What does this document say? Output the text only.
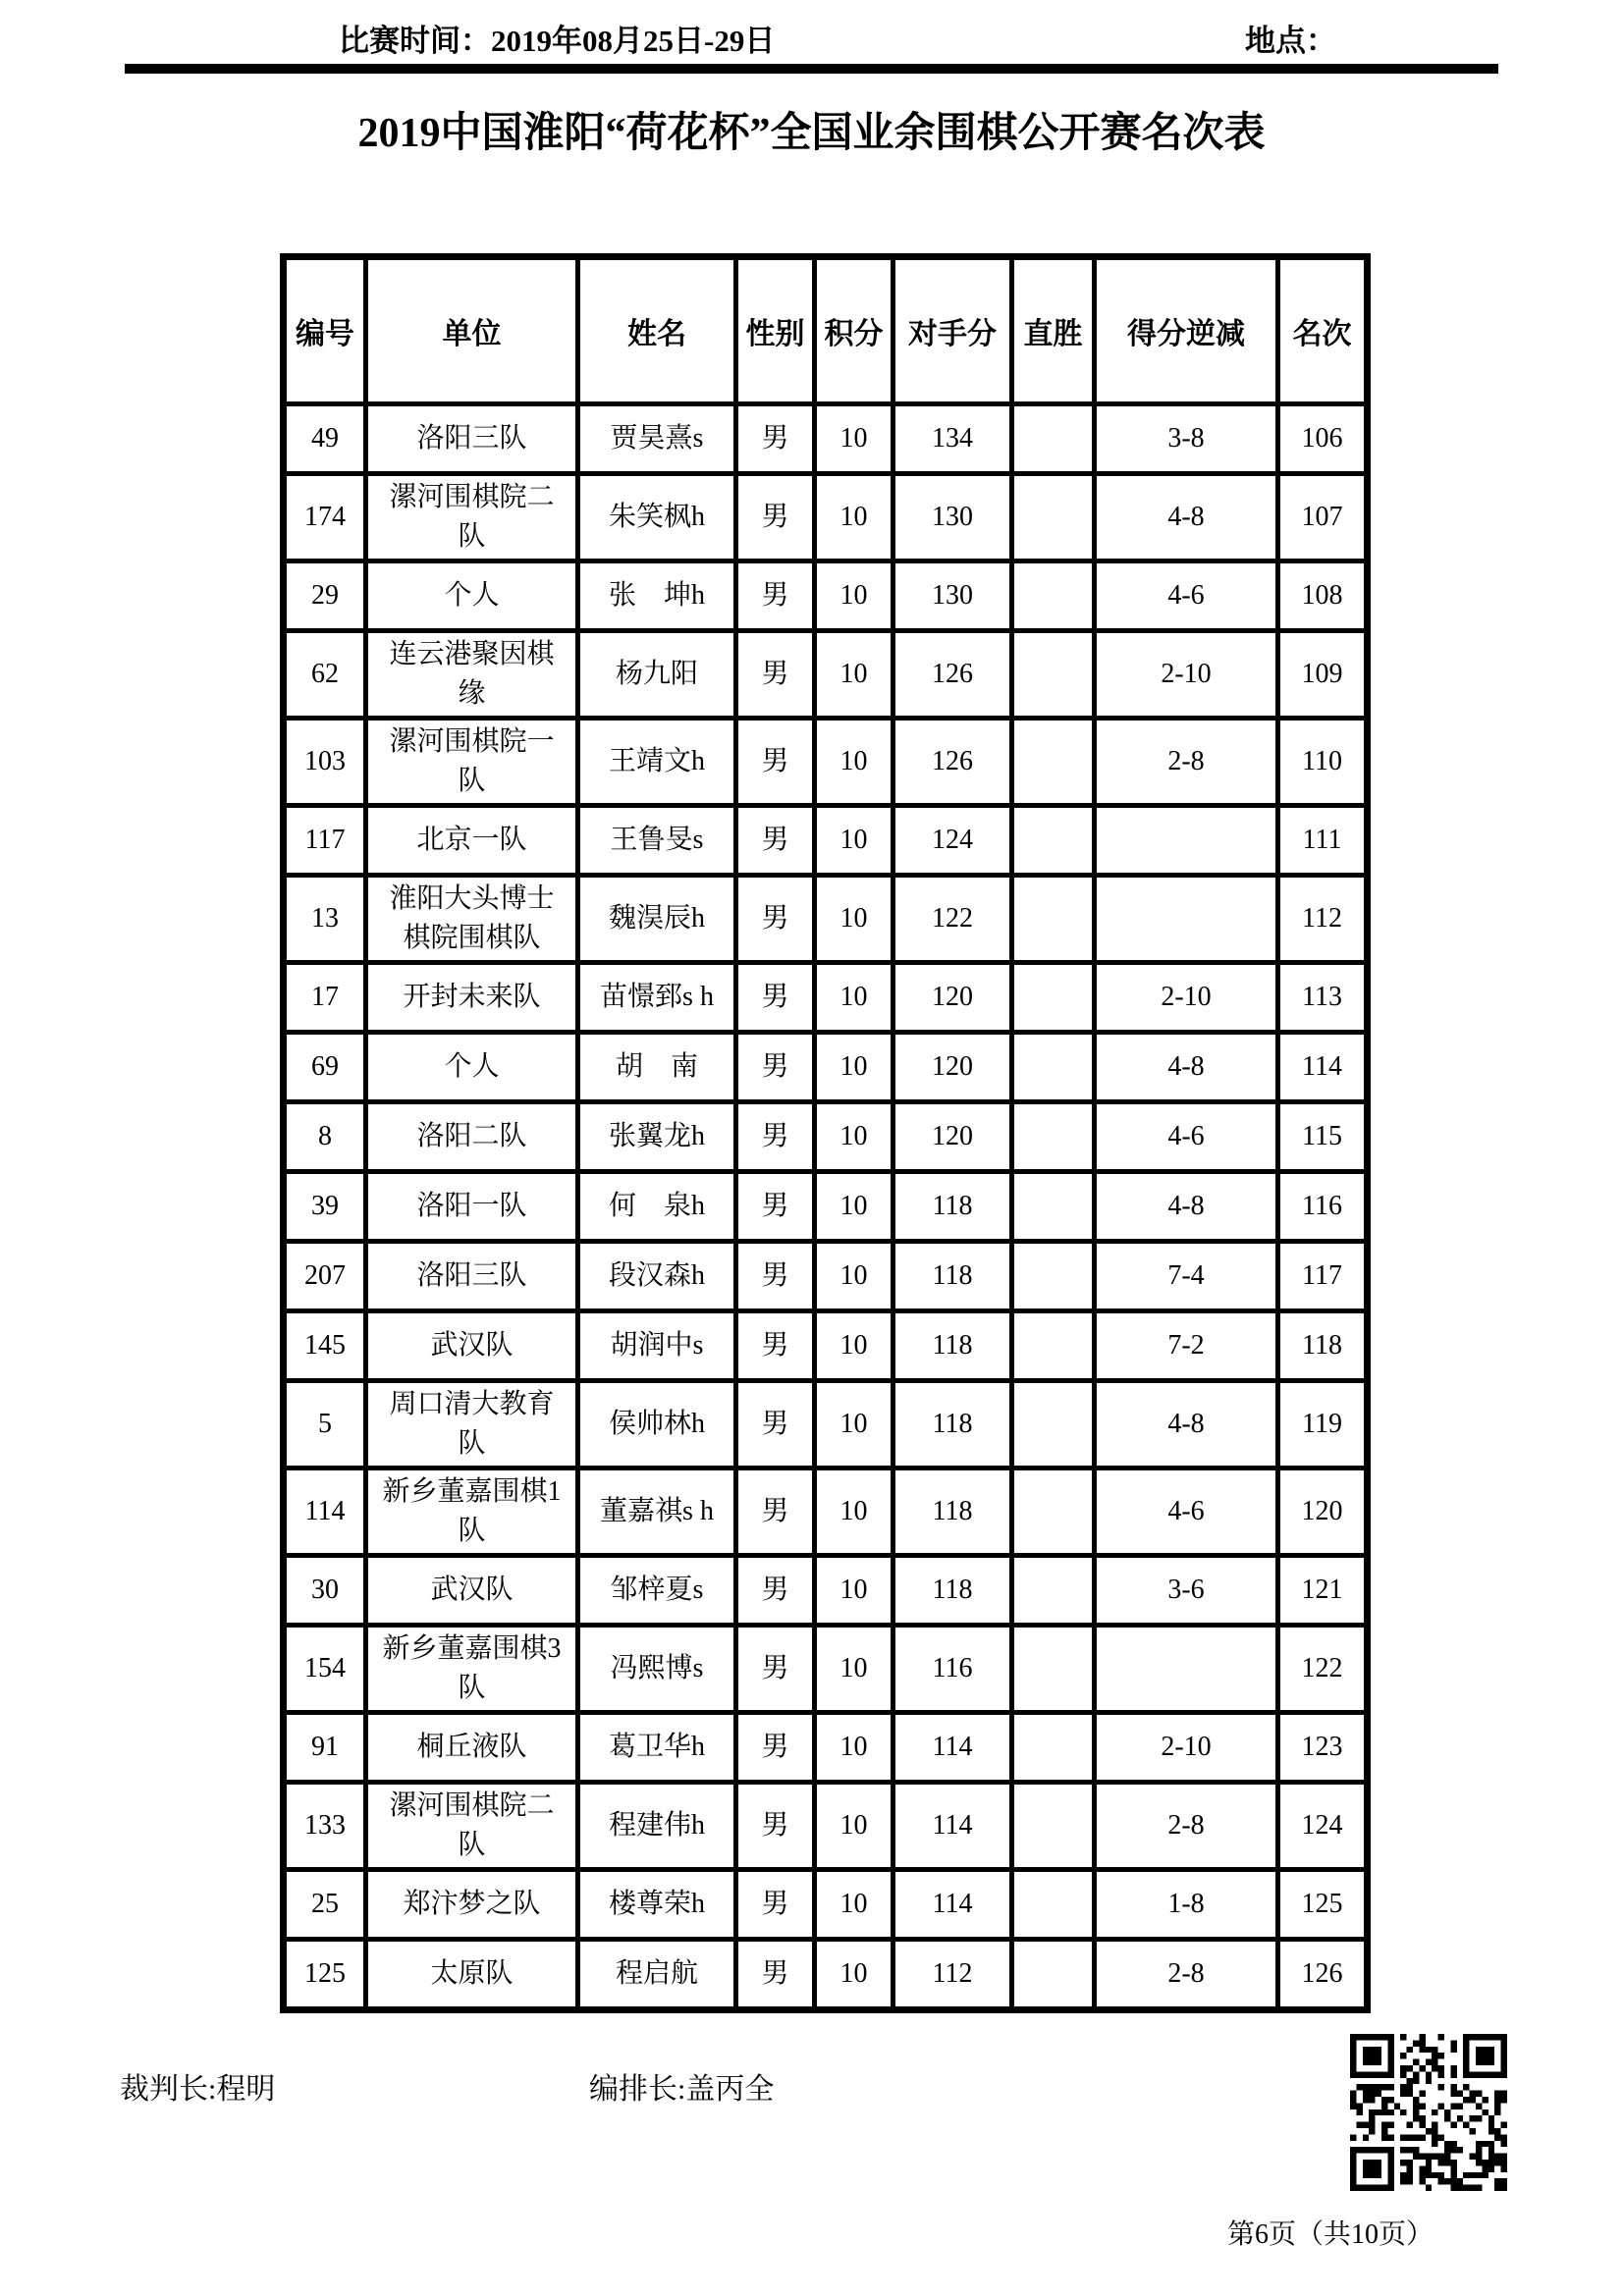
比赛时间：2019年08月25日-29日	地点：
2019中国淮阳“荷花杯”全国业余围棋公开赛名次表
编号	单位	姓名	性别	积分	对手分	直胜	得分逆减	名次
49	洛阳三队	贾昊熹s	男	10	134		3-8	106
174	漯河围棋院二队	朱笑枫h	男	10	130		4-8	107
29	个人	张　坤h	男	10	130		4-6	108
62	连云港聚因棋缘	杨九阳	男	10	126		2-10	109
103	漯河围棋院一队	王靖文h	男	10	126		2-8	110
117	北京一队	王鲁旻s	男	10	124			111
13	淮阳大头博士棋院围棋队	魏淏辰h	男	10	122			112
17	开封未来队	苗憬郅s h	男	10	120		2-10	113
69	个人	胡　南	男	10	120		4-8	114
8	洛阳二队	张翼龙h	男	10	120		4-6	115
39	洛阳一队	何　泉h	男	10	118		4-8	116
207	洛阳三队	段汉森h	男	10	118		7-4	117
145	武汉队	胡润中s	男	10	118		7-2	118
5	周口清大教育队	侯帅林h	男	10	118		4-8	119
114	新乡董嘉围棋1队	董嘉祺s h	男	10	118		4-6	120
30	武汉队	邹梓夏s	男	10	118		3-6	121
154	新乡董嘉围棋3队	冯熙博s	男	10	116			122
91	桐丘液队	葛卫华h	男	10	114		2-10	123
133	漯河围棋院二队	程建伟h	男	10	114		2-8	124
25	郑汴梦之队	楼尊荣h	男	10	114		1-8	125
125	太原队	程启航	男	10	112		2-8	126
裁判长:程明	编排长:盖丙全
第6页（共10页）
